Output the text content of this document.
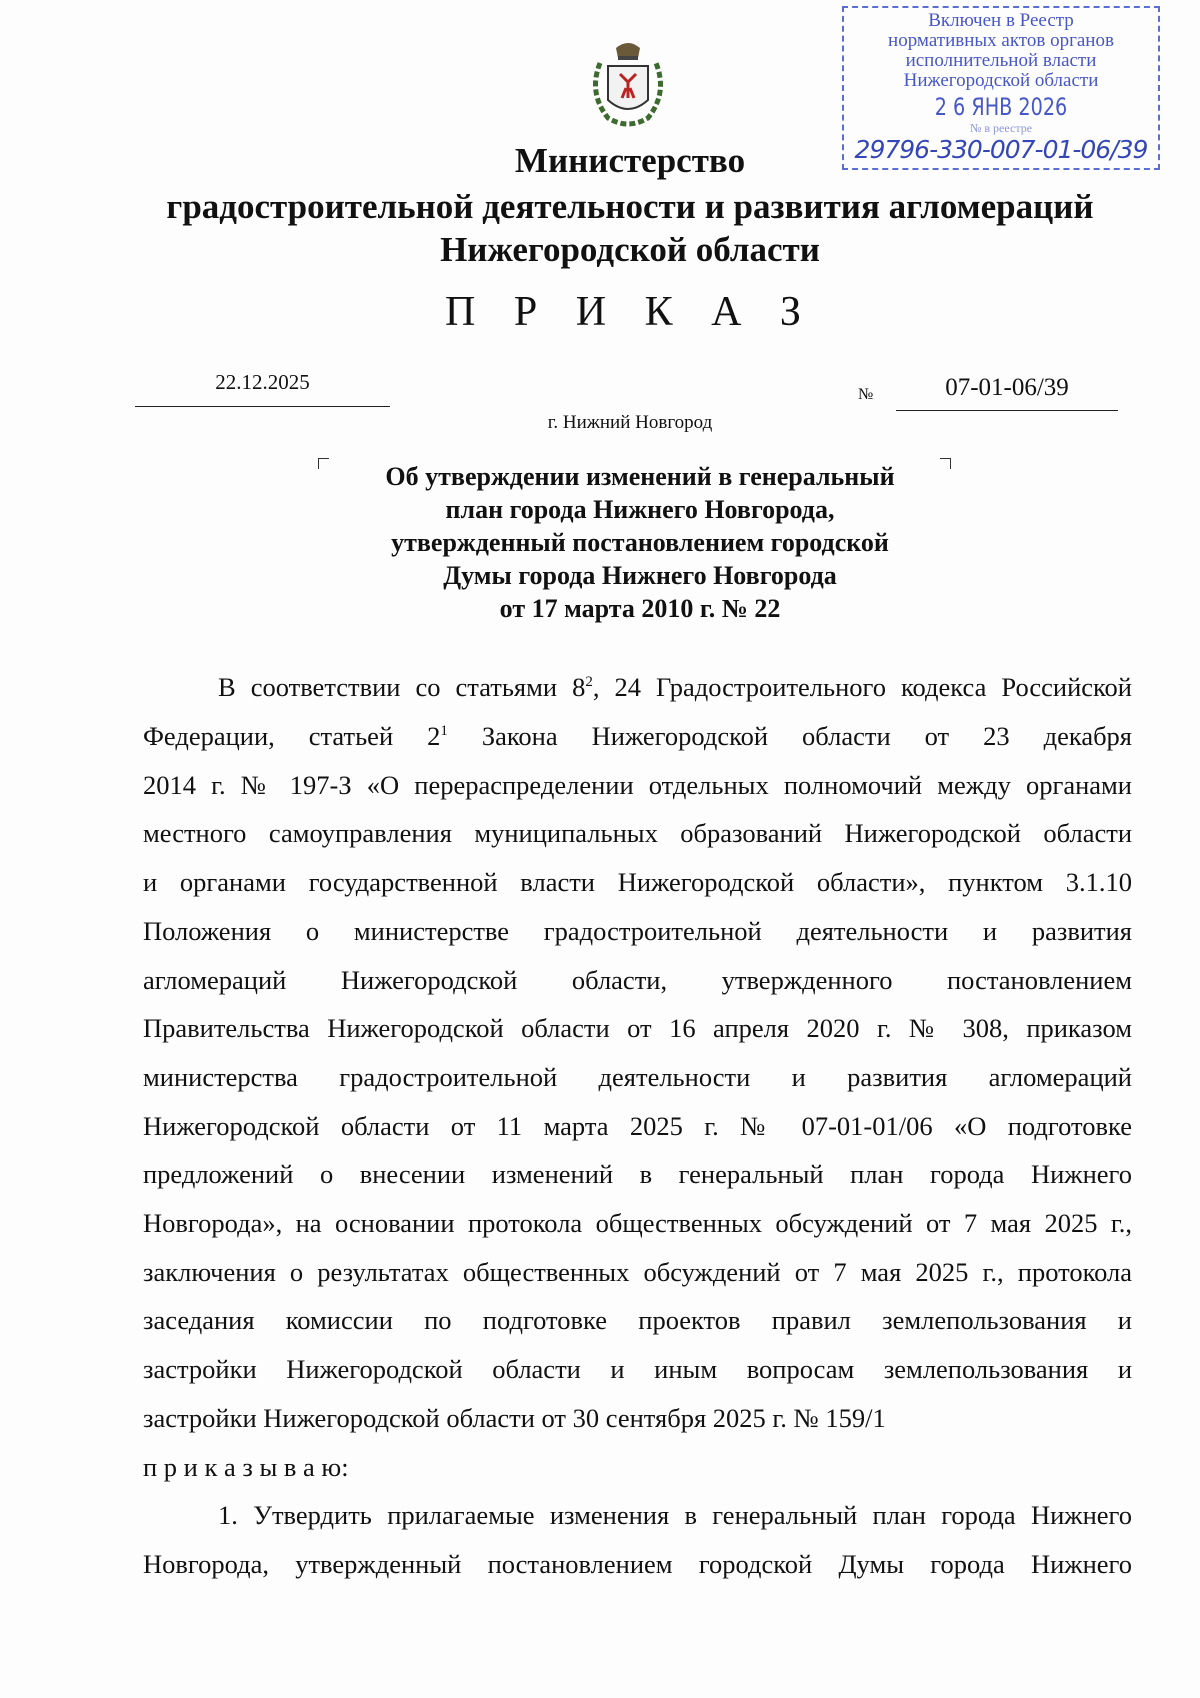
Министерство
градостроительной деятельности и развития агломераций
Нижегородской области
Включен в Реестр
нормативных актов органов
исполнительной власти
Нижегородской области
2 6 ЯНВ 2026
№ в реестре
29796-330-007-01-06/39
П Р И К А З
22.12.2025
№	07-01-06/39
г. Нижний Новгород
Об утверждении изменений в генеральный
план города Нижнего Новгорода,
утвержденный постановлением городской
Думы города Нижнего Новгорода
от 17 марта 2010 г. № 22
В соответствии со статьями $8^2$, 24 Градостроительного кодекса Российской
Федерации, статьей $2^1$ Закона Нижегородской области от 23 декабря
2014 г. № 197-З «О перераспределении отдельных полномочий между органами
местного самоуправления муниципальных образований Нижегородской области
и органами государственной власти Нижегородской области», пунктом 3.1.10
Положения о министерстве градостроительной деятельности и развития
агломераций Нижегородской области, утвержденного постановлением
Правительства Нижегородской области от 16 апреля 2020 г. № 308, приказом
министерства градостроительной деятельности и развития агломераций
Нижегородской области от 11 марта 2025 г. № 07-01-01/06 «О подготовке
предложений о внесении изменений в генеральный план города Нижнего
Новгорода», на основании протокола общественных обсуждений от 7 мая 2025 г.,
заключения о результатах общественных обсуждений от 7 мая 2025 г., протокола
заседания комиссии по подготовке проектов правил землепользования и
застройки Нижегородской области и иным вопросам землепользования и
застройки Нижегородской области от 30 сентября 2025 г. № 159/1
п р и к а з ы в а ю:
1. Утвердить прилагаемые изменения в генеральный план города Нижнего
Новгорода, утвержденный постановлением городской Думы города Нижнего
